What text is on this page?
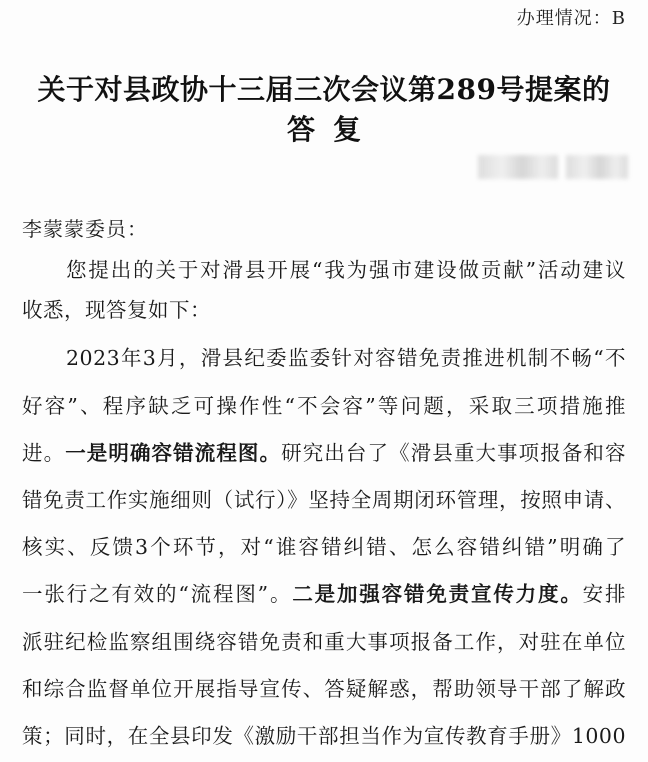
办理情况：B
关于对县政协十三届三次会议第289号提案的
答复
李蒙蒙委员：
您提出的关于对滑县开展“我为强市建设做贡献”活动建议
收悉，现答复如下：
2023年3月，滑县纪委监委针对容错免责推进机制不畅“不
好容”、程序缺乏可操作性“不会容”等问题，采取三项措施推
进。一是明确容错流程图。研究出台了《滑县重大事项报备和容
错免责工作实施细则（试行）》坚持全周期闭环管理，按照申请、
核实、反馈3个环节，对“谁容错纠错、怎么容错纠错”明确了
一张行之有效的“流程图”。二是加强容错免责宣传力度。安排
派驻纪检监察组围绕容错免责和重大事项报备工作，对驻在单位
和综合监督单位开展指导宣传、答疑解惑，帮助领导干部了解政
策；同时，在全县印发《激励干部担当作为宣传教育手册》1000
